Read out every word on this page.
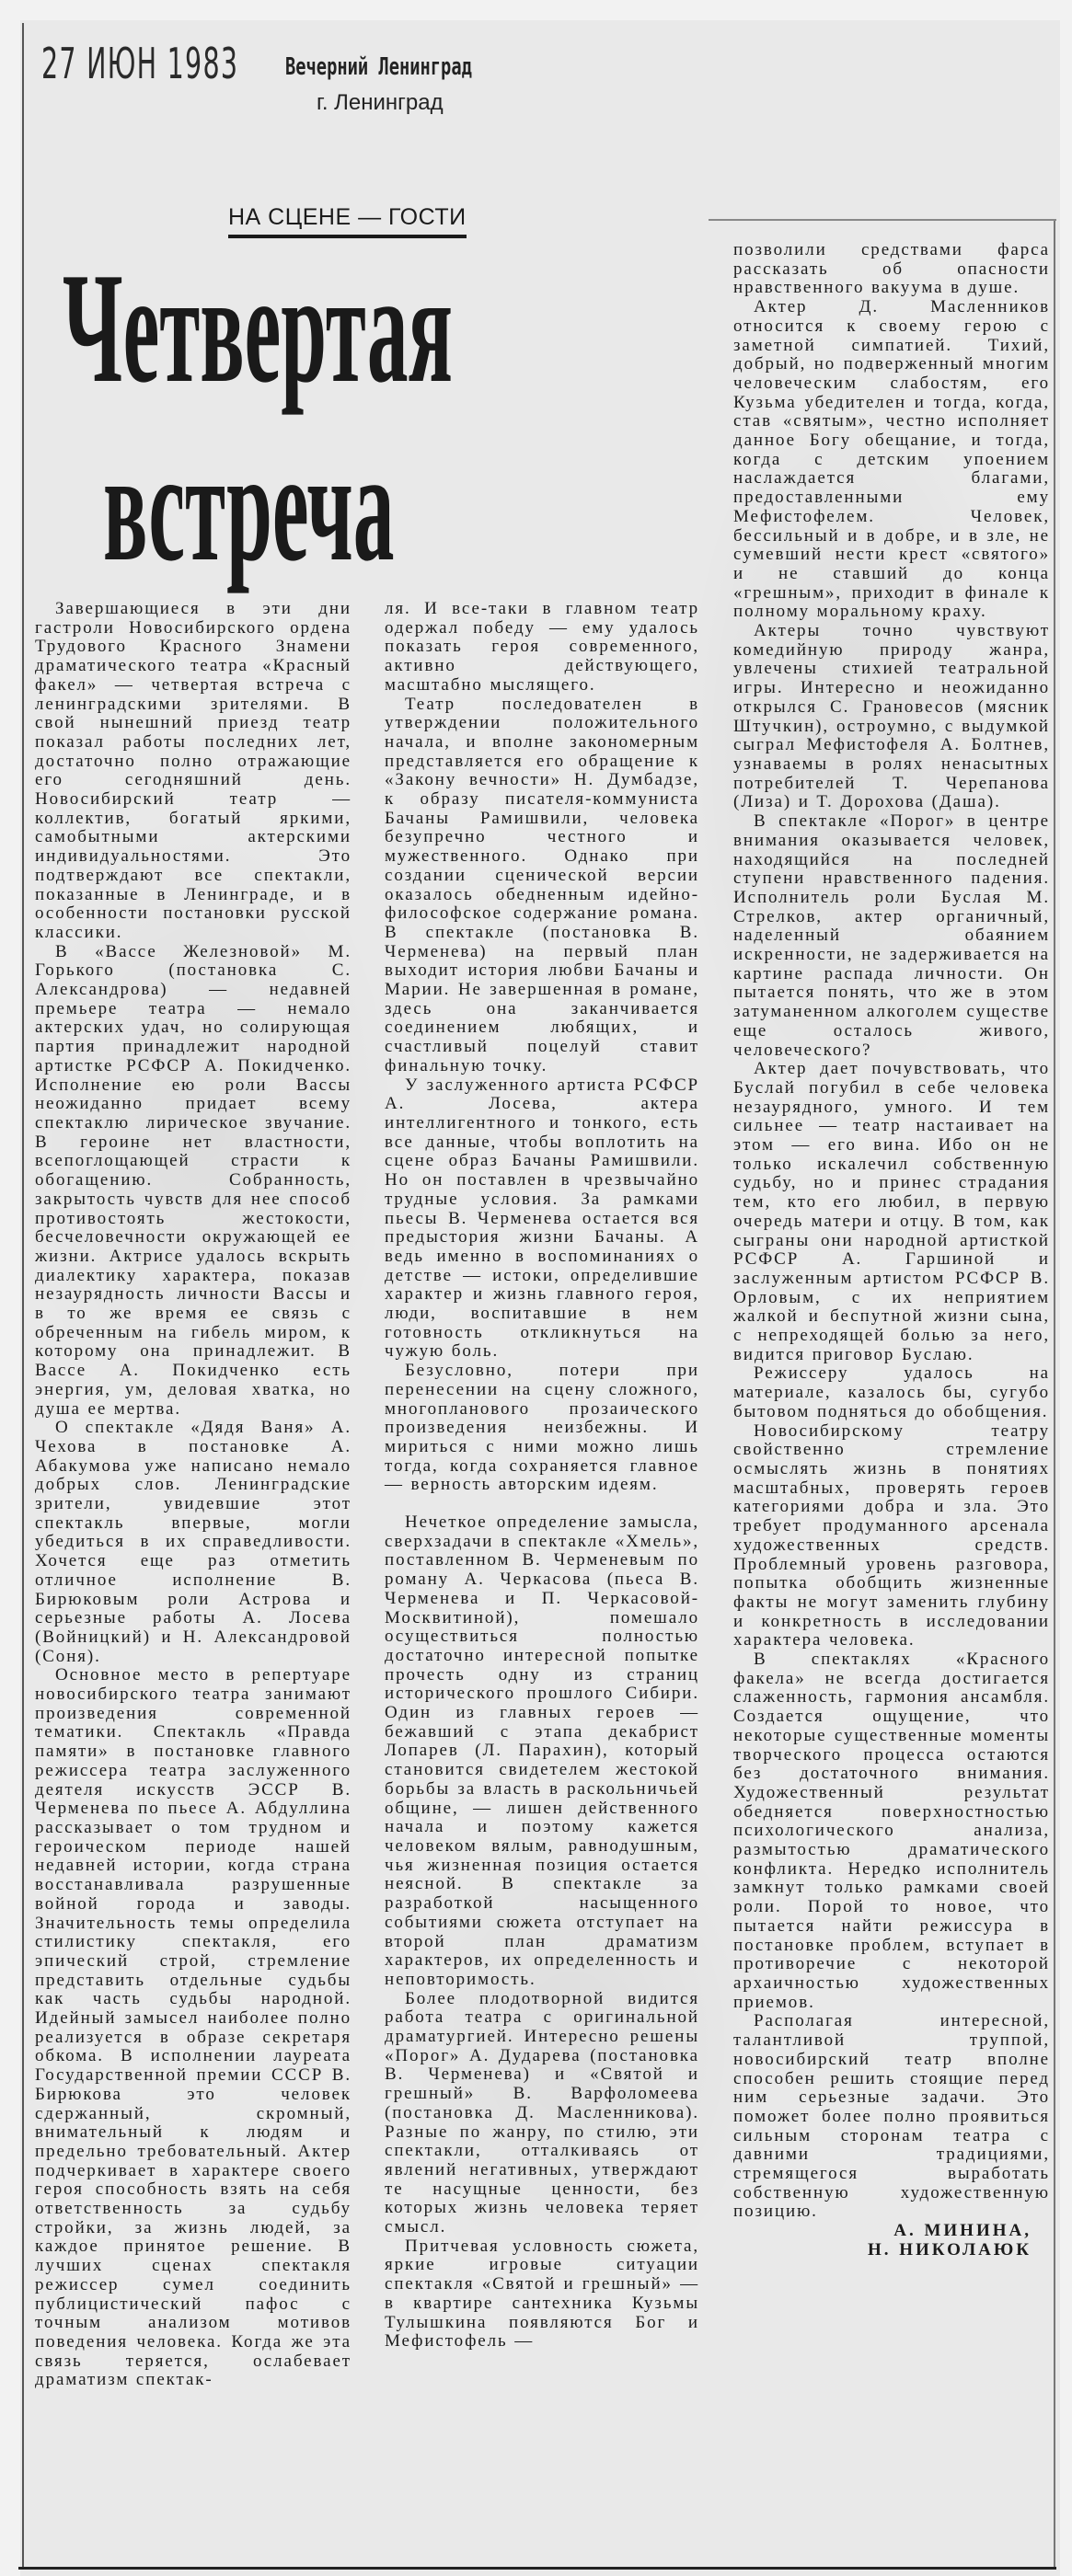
27 ИЮН 1983 Вечерний Ленинград
г. Ленинград
НА СЦЕНЕ — ГОСТИ
Четвертая
встреча

Завершающиеся в эти дни гастроли Новосибирского ордена Трудового Красного Знамени драматического театра «Красный факел» — четвертая встреча с ленинградскими зрителями. В свой нынешний приезд театр показал работы последних лет, достаточно полно отражающие его сегодняшний день. Новосибирский театр — коллектив, богатый яркими, самобытными актерскими индивидуальностями. Это подтверждают все спектакли, показанные в Ленинграде, и в особенности постановки русской классики.

В «Вассе Железновой» М. Горького (постановка С. Александрова) — недавней премьере театра — немало актерских удач, но солирующая партия принадлежит народной артистке РСФСР А. Покидченко. Исполнение ею роли Вассы неожиданно придает всему спектаклю лирическое звучание. В героине нет властности, всепоглощающей страсти к обогащению. Собранность, закрытость чувств для нее способ противостоять жестокости, бесчеловечности окружающей ее жизни. Актрисе удалось вскрыть диалектику характера, показав незаурядность личности Вассы и в то же время ее связь с обреченным на гибель миром, к которому она принадлежит. В Вассе А. Покидченко есть энергия, ум, деловая хватка, но душа ее мертва.

О спектакле «Дядя Ваня» А. Чехова в постановке А. Абакумова уже написано немало добрых слов. Ленинградские зрители, увидевшие этот спектакль впервые, могли убедиться в их справедливости. Хочется еще раз отметить отличное исполнение В. Бирюковым роли Астрова и серьезные работы А. Лосева (Войницкий) и Н. Александровой (Соня).

Основное место в репертуаре новосибирского театра занимают произведения современной тематики. Спектакль «Правда памяти» в постановке главного режиссера театра заслуженного деятеля искусств ЭССР В. Черменева по пьесе А. Абдуллина рассказывает о том трудном и героическом периоде нашей недавней истории, когда страна восстанавливала разрушенные войной города и заводы. Значительность темы определила стилистику спектакля, его эпический строй, стремление представить отдельные судьбы как часть судьбы народной. Идейный замысел наиболее полно реализуется в образе секретаря обкома. В исполнении лауреата Государственной премии СССР В. Бирюкова это человек сдержанный, скромный, внимательный к людям и предельно требовательный. Актер подчеркивает в характере своего героя способность взять на себя ответственность за судьбу стройки, за жизнь людей, за каждое принятое решение. В лучших сценах спектакля режиссер сумел соединить публицистический пафос с точным анализом мотивов поведения человека. Когда же эта связь теряется, ослабевает драматизм спектак-

ля. И все-таки в главном театр одержал победу — ему удалось показать героя современного, активно действующего, масштабно мыслящего.

Театр последователен в утверждении положительного начала, и вполне закономерным представляется его обращение к «Закону вечности» Н. Думбадзе, к образу писателя-коммуниста Бачаны Рамишвили, человека безупречно честного и мужественного. Однако при создании сценической версии оказалось обедненным идейно-философское содержание романа. В спектакле (постановка В. Черменева) на первый план выходит история любви Бачаны и Марии. Не завершенная в романе, здесь она заканчивается соединением любящих, и счастливый поцелуй ставит финальную точку.

У заслуженного артиста РСФСР А. Лосева, актера интеллигентного и тонкого, есть все данные, чтобы воплотить на сцене образ Бачаны Рамишвили. Но он поставлен в чрезвычайно трудные условия. За рамками пьесы В. Черменева остается вся предыстория жизни Бачаны. А ведь именно в воспоминаниях о детстве — истоки, определившие характер и жизнь главного героя, люди, воспитавшие в нем готовность откликнуться на чужую боль.

Безусловно, потери при перенесении на сцену сложного, многопланового прозаического произведения неизбежны. И мириться с ними можно лишь тогда, когда сохраняется главное — верность авторским идеям.

Нечеткое определение замысла, сверхзадачи в спектакле «Хмель», поставленном В. Черменевым по роману А. Черкасова (пьеса В. Черменева и П. Черкасовой-Москвитиной), помешало осуществиться полностью достаточно интересной попытке прочесть одну из страниц исторического прошлого Сибири. Один из главных героев — бежавший с этапа декабрист Лопарев (Л. Парахин), который становится свидетелем жестокой борьбы за власть в раскольничьей общине, — лишен действенного начала и поэтому кажется человеком вялым, равнодушным, чья жизненная позиция остается неясной. В спектакле за разработкой насыщенного событиями сюжета отступает на второй план драматизм характеров, их определенность и неповторимость.

Более плодотворной видится работа театра с оригинальной драматургией. Интересно решены «Порог» А. Дударева (постановка В. Черменева) и «Святой и грешный» В. Варфоломеева (постановка Д. Масленникова). Разные по жанру, по стилю, эти спектакли, отталкиваясь от явлений негативных, утверждают те насущные ценности, без которых жизнь человека теряет смысл.

Притчевая условность сюжета, яркие игровые ситуации спектакля «Святой и грешный» — в квартире сантехника Кузьмы Тулышкина появляются Бог и Мефистофель —

позволили средствами фарса рассказать об опасности нравственного вакуума в душе.

Актер Д. Масленников относится к своему герою с заметной симпатией. Тихий, добрый, но подверженный многим человеческим слабостям, его Кузьма убедителен и тогда, когда, став «святым», честно исполняет данное Богу обещание, и тогда, когда с детским упоением наслаждается благами, предоставленными ему Мефистофелем. Человек, бессильный и в добре, и в зле, не сумевший нести крест «святого» и не ставший до конца «грешным», приходит в финале к полному моральному краху.

Актеры точно чувствуют комедийную природу жанра, увлечены стихией театральной игры. Интересно и неожиданно открылся С. Грановесов (мясник Штучкин), остроумно, с выдумкой сыграл Мефистофеля А. Болтнев, узнаваемы в ролях ненасытных потребителей Т. Черепанова (Лиза) и Т. Дорохова (Даша).

В спектакле «Порог» в центре внимания оказывается человек, находящийся на последней ступени нравственного падения. Исполнитель роли Буслая М. Стрелков, актер органичный, наделенный обаянием искренности, не задерживается на картине распада личности. Он пытается понять, что же в этом затуманенном алкоголем существе еще осталось живого, человеческого?

Актер дает почувствовать, что Буслай погубил в себе человека незаурядного, умного. И тем сильнее — театр настаивает на этом — его вина. Ибо он не только искалечил собственную судьбу, но и принес страдания тем, кто его любил, в первую очередь матери и отцу. В том, как сыграны они народной артисткой РСФСР А. Гаршиной и заслуженным артистом РСФСР В. Орловым, с их неприятием жалкой и беспутной жизни сына, с непреходящей болью за него, видится приговор Буслаю.

Режиссеру удалось на материале, казалось бы, сугубо бытовом подняться до обобщения.

Новосибирскому театру свойственно стремление осмыслять жизнь в понятиях масштабных, проверять героев категориями добра и зла. Это требует продуманного арсенала художественных средств. Проблемный уровень разговора, попытка обобщить жизненные факты не могут заменить глубину и конкретность в исследовании характера человека.

В спектаклях «Красного факела» не всегда достигается слаженность, гармония ансамбля. Создается ощущение, что некоторые существенные моменты творческого процесса остаются без достаточного внимания. Художественный результат обедняется поверхностностью психологического анализа, размытостью драматического конфликта. Нередко исполнитель замкнут только рамками своей роли. Порой то новое, что пытается найти режиссура в постановке проблем, вступает в противоречие с некоторой архаичностью художественных приемов.

Располагая интересной, талантливой труппой, новосибирский театр вполне способен решить стоящие перед ним серьезные задачи. Это поможет более полно проявиться сильным сторонам театра с давними традициями, стремящегося выработать собственную художественную позицию.

А. МИНИНА,

Н. НИКОЛАЮК
